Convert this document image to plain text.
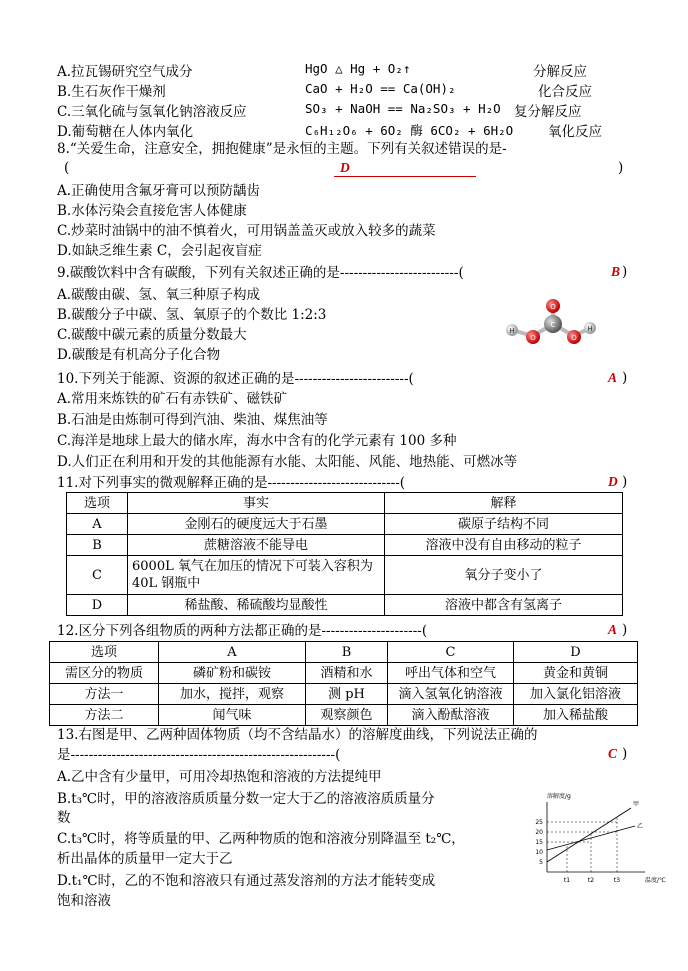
A.拉瓦锡研究空气成分	HgO △ Hg + O₂↑	分解反应
B.生石灰作干燥剂	CaO + H₂O == Ca(OH)₂	化合反应
C.三氧化硫与氢氧化钠溶液反应	SO₃ + NaOH == Na₂SO₃ + H₂O 复分解反应
D.葡萄糖在人体内氧化	C₆H₁₂O₆ + 6O₂ 酶 6CO₂ + 6H₂O	氧化反应
8.“关爱生命，注意安全，拥抱健康”是永恒的主题。下列有关叙述错误的是-
(	D	)
A.正确使用含氟牙膏可以预防龋齿
B.水体污染会直接危害人体健康
C.炒菜时油锅中的油不慎着火，可用锅盖盖灭或放入较多的蔬菜
D.如缺乏维生素 C，会引起夜盲症
9.碳酸饮料中含有碳酸，下列有关叙述正确的是--------------------------(	B )
A.碳酸由碳、氢、氧三种原子构成
B.碳酸分子中碳、氢、氧原子的个数比 1:2:3
C.碳酸中碳元素的质量分数最大
D.碳酸是有机高分子化合物
O
C
O	O
H	H
10.下列关于能源、资源的叙述正确的是-------------------------(	A )
A.常用来炼铁的矿石有赤铁矿、磁铁矿
B.石油是由炼制可得到汽油、柴油、煤焦油等
C.海洋是地球上最大的储水库，海水中含有的化学元素有 100 多种
D.人们正在利用和开发的其他能源有水能、太阳能、风能、地热能、可燃冰等
11.对下列事实的微观解释正确的是-----------------------------(	D )
选项	事实	解释
A	金刚石的硬度远大于石墨	碳原子结构不同
B	蔗糖溶液不能导电	溶液中没有自由移动的粒子
C	6000L 氧气在加压的情况下可装入容积为 40L 钢瓶中	氧分子变小了
D	稀盐酸、稀硫酸均显酸性	溶液中都含有氢离子
12.区分下列各组物质的两种方法都正确的是----------------------(	A )
选项	A	B	C	D
需区分的物质	磷矿粉和碳铵	酒精和水	呼出气体和空气	黄金和黄铜
方法一	加水，搅拌，观察	测 pH	滴入氢氧化钠溶液	加入氯化铝溶液
方法二	闻气味	观察颜色	滴入酚酞溶液	加入稀盐酸
13.右图是甲、乙两种固体物质（均不含结晶水）的溶解度曲线，下列说法正确的
是----------------------------------------------------------(	C )
A.乙中含有少量甲，可用冷却热饱和溶液的方法提纯甲
B.t₃℃时，甲的溶液溶质质量分数一定大于乙的溶液溶质质量分
数
C.t₃℃时，将等质量的甲、乙两种物质的饱和溶液分别降温至 t₂℃，
析出晶体的质量甲一定大于乙
D.t₁℃时，乙的不饱和溶液只有通过蒸发溶剂的方法才能转变成
饱和溶液
溶解度/g
25
20
15
10
5
甲
乙
t1	t2	t3	温度/℃
